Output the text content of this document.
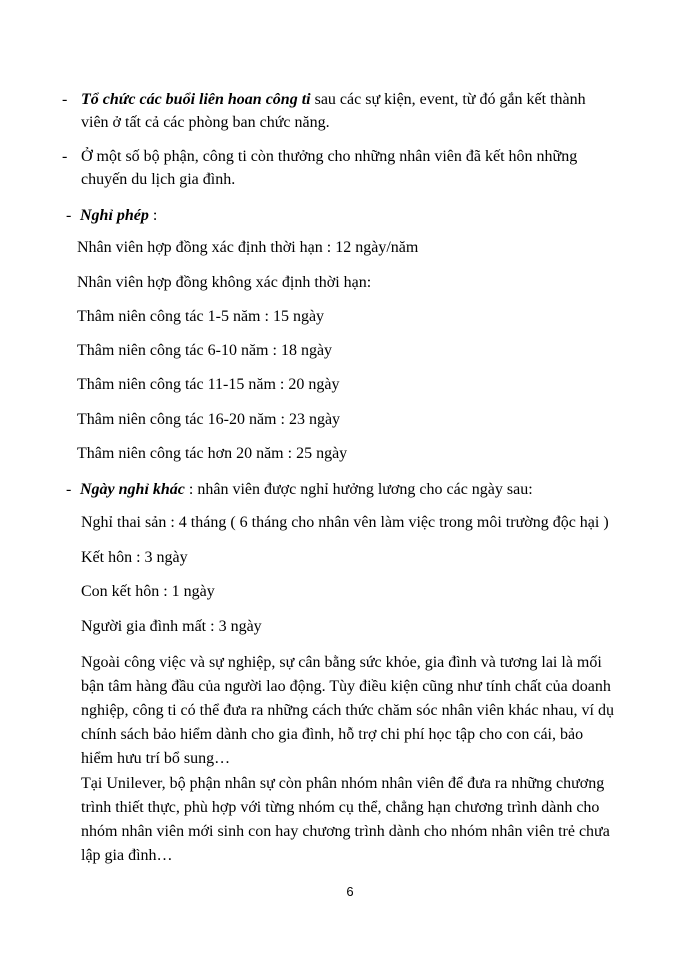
- Tổ chức các buổi liên hoan công ti sau các sự kiện, event, từ đó gắn kết thành
viên ở tất cả các phòng ban chức năng.
- Ở một số bộ phận, công ti còn thưởng cho những nhân viên đã kết hôn những
chuyến du lịch gia đình.
- Nghỉ phép :
Nhân viên hợp đồng xác định thời hạn : 12 ngày/năm
Nhân viên hợp đồng không xác định thời hạn:
Thâm niên công tác 1-5 năm : 15 ngày
Thâm niên công tác 6-10 năm : 18 ngày
Thâm niên công tác 11-15 năm : 20 ngày
Thâm niên công tác 16-20 năm : 23 ngày
Thâm niên công tác hơn 20 năm : 25 ngày
- Ngày nghỉ khác : nhân viên được nghỉ hưởng lương cho các ngày sau:
Nghỉ thai sản : 4 tháng ( 6 tháng cho nhân vên làm việc trong môi trường độc hại )
Kết hôn : 3 ngày
Con kết hôn : 1 ngày
Người gia đình mất : 3 ngày
Ngoài công việc và sự nghiệp, sự cân bằng sức khỏe, gia đình và tương lai là mối
bận tâm hàng đầu của người lao động. Tùy điều kiện cũng như tính chất của doanh
nghiệp, công ti có thể đưa ra những cách thức chăm sóc nhân viên khác nhau, ví dụ
chính sách bảo hiểm dành cho gia đình, hỗ trợ chi phí học tập cho con cái, bảo
hiểm hưu trí bổ sung…
Tại Unilever, bộ phận nhân sự còn phân nhóm nhân viên để đưa ra những chương
trình thiết thực, phù hợp với từng nhóm cụ thể, chẳng hạn chương trình dành cho
nhóm nhân viên mới sinh con hay chương trình dành cho nhóm nhân viên trẻ chưa
lập gia đình…
6
